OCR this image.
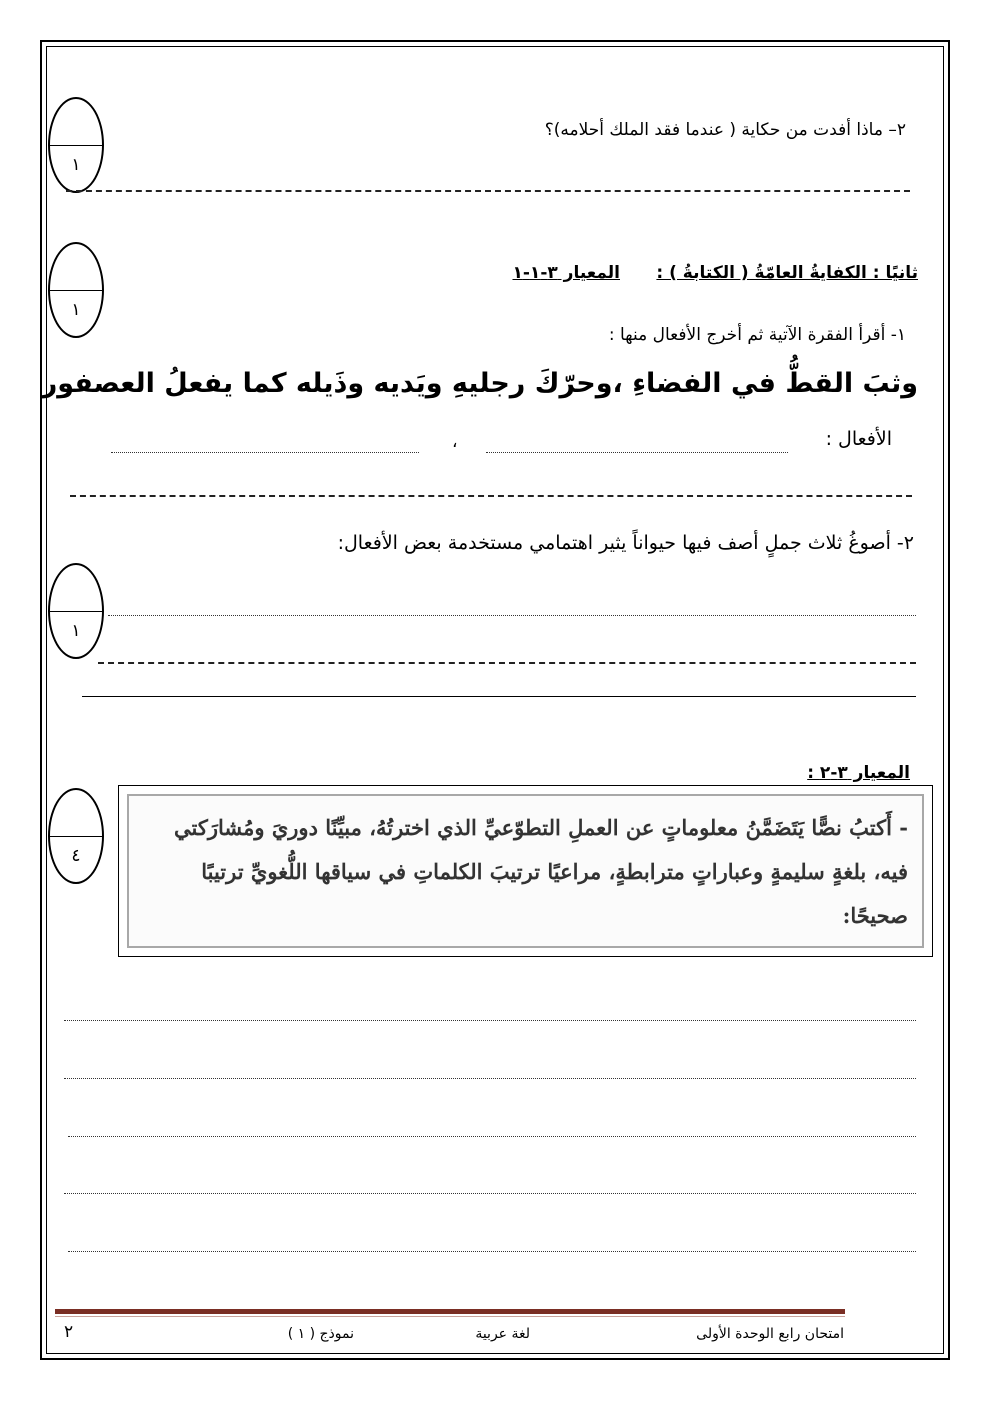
١
٢– ماذا أفدت من حكاية ( عندما فقد الملك أحلامه)؟
١
ثانيًا : الكفايةُ العامّةُ ( الكتابةُ ) :
المعيار ٣-١-١
١- أقرأ الفقرة الآتية ثم أخرج الأفعال منها :
وثبَ القطُّ في الفضاءِ ،وحرّكَ رجليهِ ويَديه وذَيله كما يفعلُ العصفور
الأفعال :
،
٢- أصوغُ ثلاث جملٍ أصف فيها حيواناً يثير اهتمامي مستخدمة بعض الأفعال:
١
المعيار ٣-٢ :
٤
- أَكتبُ نصًّا يَتَضَمَّنُ معلوماتٍ عن العملِ التطوّعيِّ الذي اخترتُهُ، مبيِّنًا دوريَ ومُشارَكتي فيه، بلغةٍ سليمةٍ وعباراتٍ مترابطةٍ، مراعيًا ترتيبَ الكلماتِ في سياقها اللُّغويِّ ترتيبًا صحيحًا:
امتحان رابع الوحدة الأولى
لغة عربية
نموذج ( ١ )
٢
